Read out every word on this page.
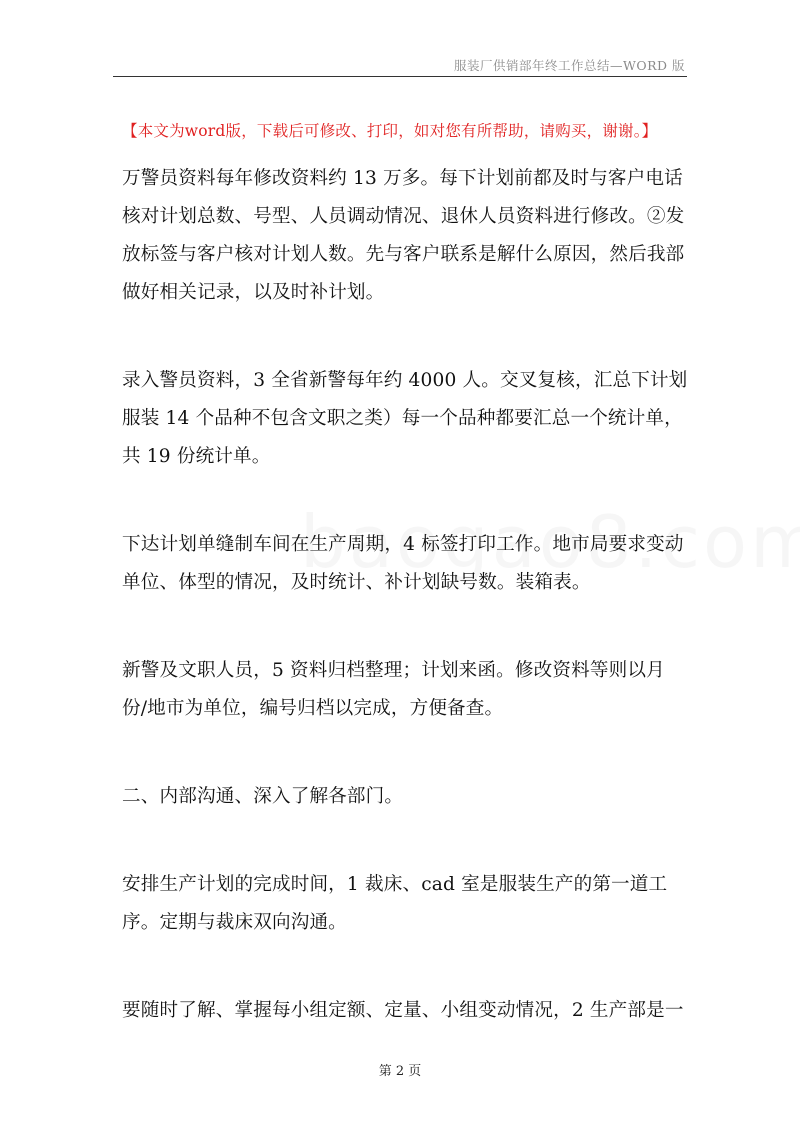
服装厂供销部年终工作总结—WORD 版
【本文为word版，下载后可修改、打印，如对您有所帮助，请购买，谢谢。】

万警员资料每年修改资料约 13 万多。每下计划前都及时与客户电话核对计划总数、号型、人员调动情况、退休人员资料进行修改。②发放标签与客户核对计划人数。先与客户联系是解什么原因，然后我部做好相关记录，以及时补计划。

录入警员资料，3 全省新警每年约 4000 人。交叉复核，汇总下计划服装 14 个品种不包含文职之类）每一个品种都要汇总一个统计单，共 19 份统计单。

下达计划单缝制车间在生产周期，4 标签打印工作。地市局要求变动单位、体型的情况，及时统计、补计划缺号数。装箱表。

新警及文职人员，5 资料归档整理；计划来函。修改资料等则以月份/地市为单位，编号归档以完成，方便备查。

二、内部沟通、深入了解各部门。

安排生产计划的完成时间，1 裁床、cad 室是服装生产的第一道工序。定期与裁床双向沟通。

要随时了解、掌握每小组定额、定量、小组变动情况，2 生产部是一

第 2 页
